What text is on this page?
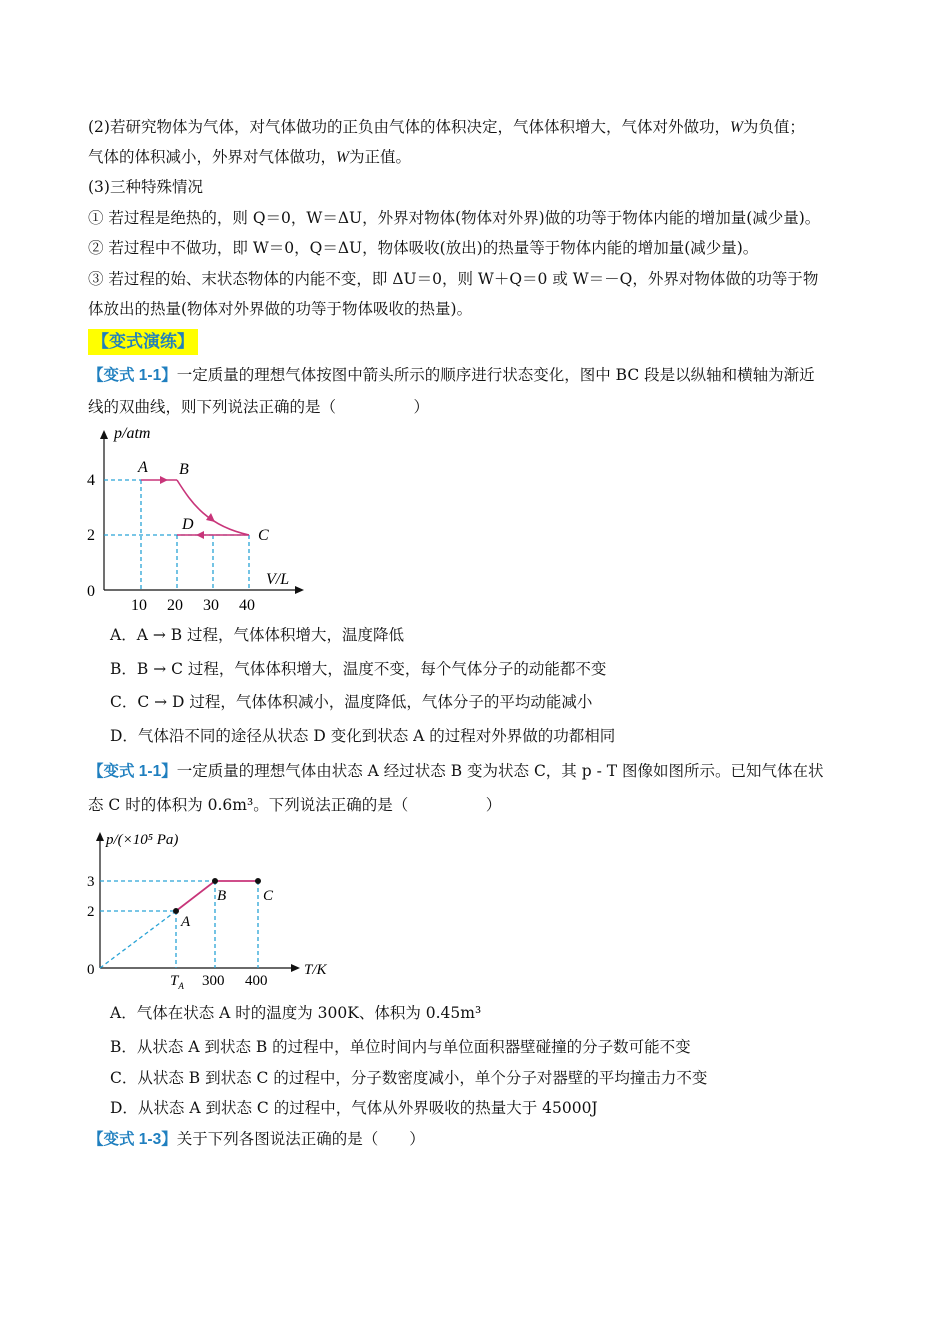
(2)若研究物体为气体，对气体做功的正负由气体的体积决定，气体体积增大，气体对外做功，W为负值；
气体的体积减小，外界对气体做功，W为正值。
(3)三种特殊情况
① 若过程是绝热的，则 Q＝0，W＝ΔU，外界对物体(物体对外界)做的功等于物体内能的增加量(减少量)。
② 若过程中不做功，即 W＝0，Q＝ΔU，物体吸收(放出)的热量等于物体内能的增加量(减少量)。
③ 若过程的始、末状态物体的内能不变，即 ΔU＝0，则 W＋Q＝0 或 W＝－Q，外界对物体做的功等于物
体放出的热量(物体对外界做的功等于物体吸收的热量)。
【变式演练】
【变式 1-1】一定质量的理想气体按图中箭头所示的顺序进行状态变化，图中 BC 段是以纵轴和横轴为渐近
线的双曲线，则下列说法正确的是（　　　　　）
p/atm
V/L
0
4
2
10 20 30 40
A B
C
D
A．A → B 过程，气体体积增大，温度降低
B．B → C 过程，气体体积增大，温度不变，每个气体分子的动能都不变
C．C → D 过程，气体体积减小，温度降低，气体分子的平均动能减小
D．气体沿不同的途径从状态 D 变化到状态 A 的过程对外界做的功都相同
【变式 1-1】一定质量的理想气体由状态 A 经过状态 B 变为状态 C，其 p - T 图像如图所示。已知气体在状
态 C 时的体积为 0.6m³。下列说法正确的是（　　　　　）
p/(×10⁵ Pa)
T/K
0
3
2
$T_A$ 300 400
A
B C
A．气体在状态 A 时的温度为 300K、体积为 0.45m³
B．从状态 A 到状态 B 的过程中，单位时间内与单位面积器壁碰撞的分子数可能不变
C．从状态 B 到状态 C 的过程中，分子数密度减小，单个分子对器壁的平均撞击力不变
D．从状态 A 到状态 C 的过程中，气体从外界吸收的热量大于 45000J
【变式 1-3】关于下列各图说法正确的是（　　）
